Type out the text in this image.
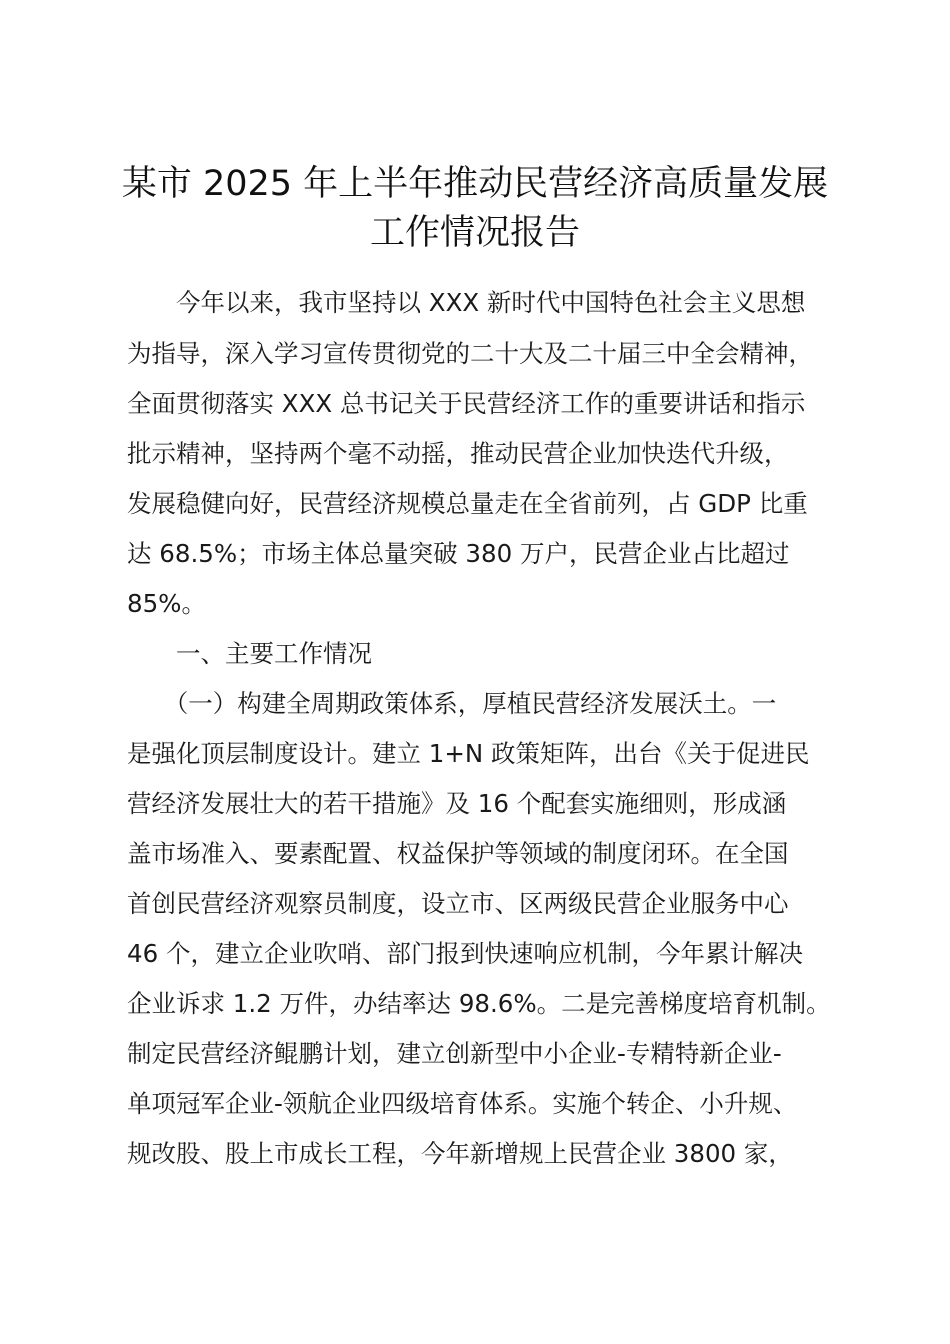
某市 2025 年上半年推动民营经济高质量发展
工作情况报告
　　今年以来，我市坚持以 XXX 新时代中国特色社会主义思想
为指导，深入学习宣传贯彻党的二十大及二十届三中全会精神，
全面贯彻落实 XXX 总书记关于民营经济工作的重要讲话和指示
批示精神，坚持两个毫不动摇，推动民营企业加快迭代升级，
发展稳健向好，民营经济规模总量走在全省前列，占 GDP 比重
达 68.5%；市场主体总量突破 380 万户，民营企业占比超过
85%。
　　一、主要工作情况
　　（一）构建全周期政策体系，厚植民营经济发展沃土。一
是强化顶层制度设计。建立 1+N 政策矩阵，出台《关于促进民
营经济发展壮大的若干措施》及 16 个配套实施细则，形成涵
盖市场准入、要素配置、权益保护等领域的制度闭环。在全国
首创民营经济观察员制度，设立市、区两级民营企业服务中心
46 个，建立企业吹哨、部门报到快速响应机制，今年累计解决
企业诉求 1.2 万件，办结率达 98.6%。二是完善梯度培育机制。
制定民营经济鲲鹏计划，建立创新型中小企业-专精特新企业-
单项冠军企业-领航企业四级培育体系。实施个转企、小升规、
规改股、股上市成长工程，今年新增规上民营企业 3800 家，
